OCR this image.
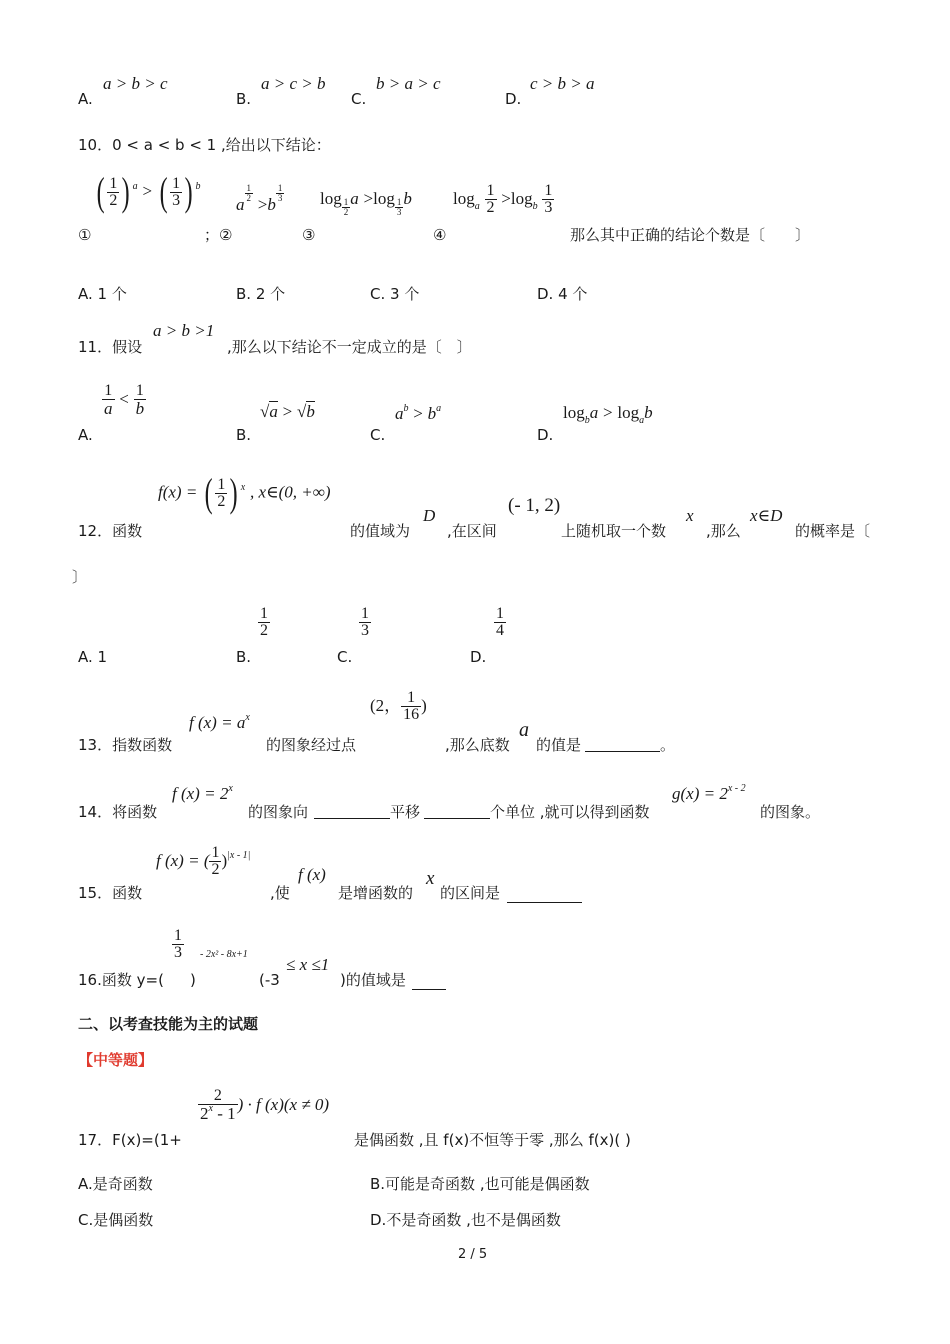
A.
a > b > c
B.
a > c > b
C.
b > a > c
D.
c > b > a
10．0 < a < b < 1 ,给出以下结论：
( $\frac{1}{2}$ ) $^a$ > ( $\frac{1}{3}$ ) $^b$
①	；②
a
$\frac{1}{2}$
>b
$\frac{1}{3}$
③
$\log \frac{1}{2}$ $a >\log \frac{1}{3}$ b
④
$\log_a \frac{1}{2} >\log_b \frac{1}{3}$
那么其中正确的结论个数是〔　　〕
A. 1 个	B. 2 个	C. 3 个	D. 4 个
11．假设
a > b >1
,那么以下结论不一定成立的是〔　〕
A.
$\frac{1}{a} < \frac{1}{b}$
B.
√a > √b
C.
$a^b > b^a$
D.
$\log_ba > \log_ab$
f(x) = ( $\frac{1}{2}$ ) $^x$ , x∈(0, +∞)
12．函数	的值域为
D
,在区间
(- 1, 2)
上随机取一个数
x
,那么
x∈D
的概率是〔
〕
A. 1	B.
$\frac{1}{2}$
C.
$\frac{1}{3}$
D.
$\frac{1}{4}$
13．指数函数
f $(x) = a^x$
的图象经过点
(2， $\frac{1}{16}$ )
,那么底数
a
的值是	。
14．将函数
f $(x) = 2^x$
的图象向	平移	个单位 ,就可以得到函数
$g(x) = 2^{x - 2}$
的图象。
15．函数
f (x) = ( $\frac{1}{2} )^{|x - 1|}$
,使
f (x)
是增函数的
x
的区间是
16.函数 y=(
$\frac{1}{3} - 2x^2 - 8x+1$
)	(-3
≤ x ≤1
)的值域是
二、以考查技能为主的试题
【中等题】
17．F(x)=(1+
$\frac{2}{2^x - 1}$ ) · f (x)(x ≠ 0)
是偶函数 ,且 f(x)不恒等于零 ,那么 f(x)( )
A.是奇函数	B.可能是奇函数 ,也可能是偶函数
C.是偶函数	D.不是奇函数 ,也不是偶函数
2 / 5
